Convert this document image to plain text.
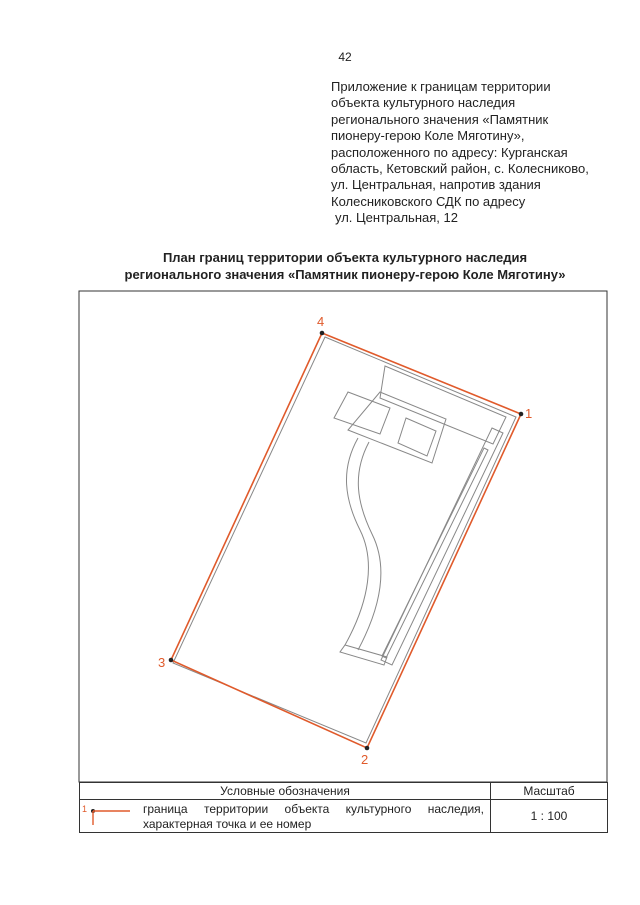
42
Приложение к границам территории
объекта культурного наследия
регионального значения «Памятник
пионеру-герою Коле Мяготину»,
расположенного по адресу: Курганская
область, Кетовский район, с. Колесниково,
ул. Центральная, напротив здания
Колесниковского СДК по адресу
ул. Центральная, 12
План границ территории объекта культурного наследия
регионального значения «Памятник пионеру-герою Коле Мяготину»
1
2
3
4
Условные обозначения	Масштаб

1 граница территории объекта культурного наследия, характерная точка и ее номер	1 : 100
